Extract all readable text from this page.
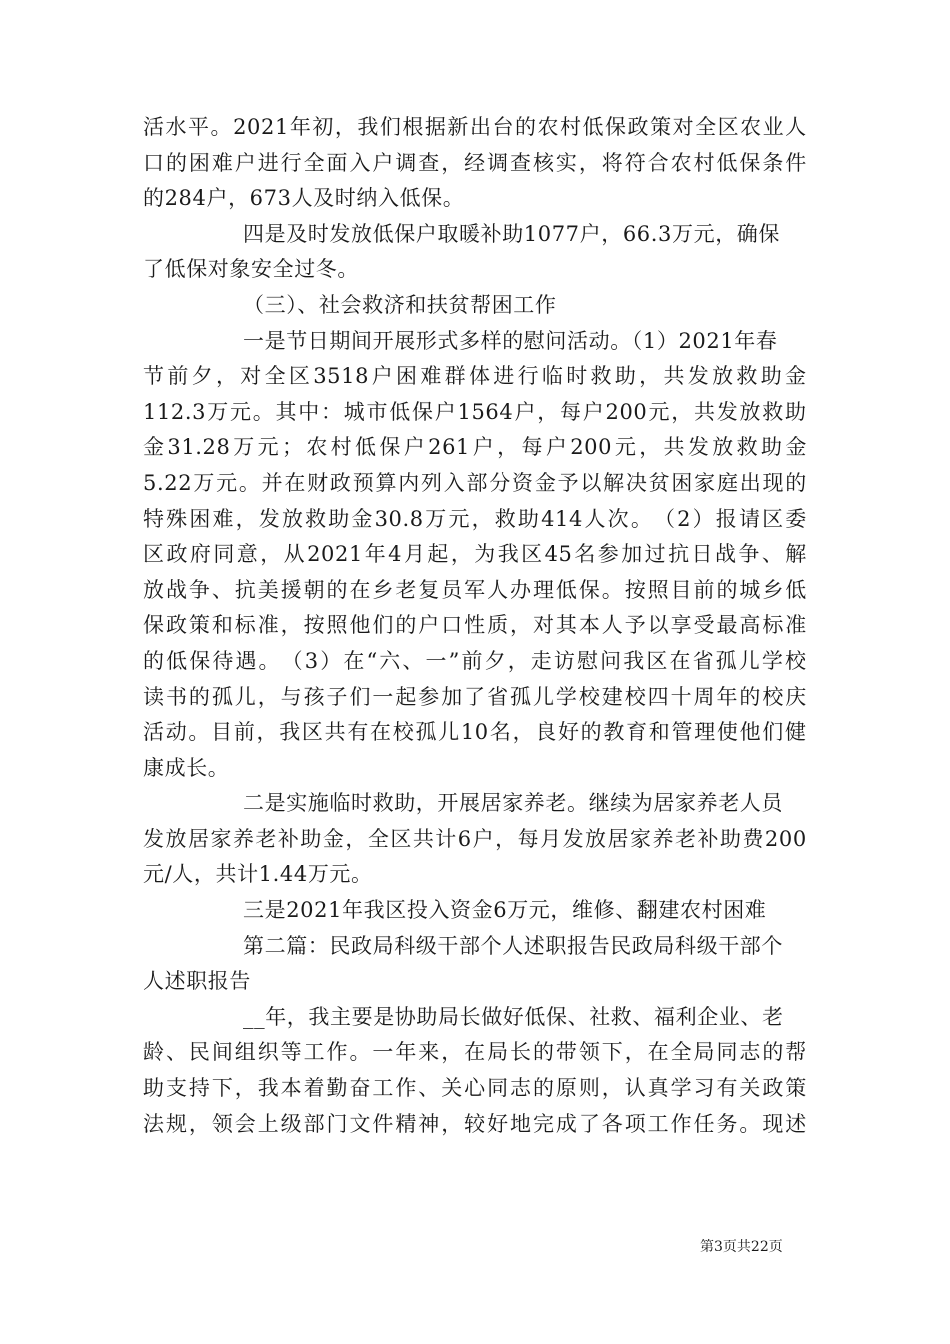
活 水 平 。 2021 年 初 ， 我 们 根 据 新 出 台 的 农 村 低 保 政 策 对 全 区 农 业 人
口 的 困 难 户 进 行 全 面 入 户 调 查 ， 经 调 查 核 实 ， 将 符 合 农 村 低 保 条 件
的284户，673人及时纳入低保。
四是及时发放低保户取暖补助1077户，66.3万元，确保
了低保对象安全过冬。
（三）、社会救济和扶贫帮困工作
一是节日期间开展形式多样的慰问活动。（1）2021年春
节 前 夕 ， 对 全 区 3518 户 困 难 群 体 进 行 临 时 救 助 ， 共 发 放 救 助 金
112.3 万 元 。 其 中 ： 城 市 低 保 户 1564 户 ， 每 户 200 元 ， 共 发 放 救 助
金 31.28 万 元 ； 农 村 低 保 户 261 户 ， 每 户 200 元 ， 共 发 放 救 助 金
5.22 万 元 。 并 在 财 政 预 算 内 列 入 部 分 资 金 予 以 解 决 贫 困 家 庭 出 现 的
特 殊 困 难 ， 发 放 救 助 金 30.8 万 元 ， 救 助 414 人 次 。 （ 2 ） 报 请 区 委
区 政 府 同 意 ， 从 2021 年 4 月 起 ， 为 我 区 45 名 参 加 过 抗 日 战 争 、 解
放 战 争 、 抗 美 援 朝 的 在 乡 老 复 员 军 人 办 理 低 保 。 按 照 目 前 的 城 乡 低
保 政 策 和 标 准 ， 按 照 他 们 的 户 口 性 质 ， 对 其 本 人 予 以 享 受 最 高 标 准
的 低 保 待 遇 。 （ 3 ） 在 “ 六 、 一 ” 前 夕 ， 走 访 慰 问 我 区 在 省 孤 儿 学 校
读 书 的 孤 儿 ， 与 孩 子 们 一 起 参 加 了 省 孤 儿 学 校 建 校 四 十 周 年 的 校 庆
活 动 。 目 前 ， 我 区 共 有 在 校 孤 儿 10 名 ， 良 好 的 教 育 和 管 理 使 他 们 健
康成长。
二是实施临时救助，开展居家养老。继续为居家养老人员
发 放 居 家 养 老 补 助 金 ， 全 区 共 计 6 户 ， 每 月 发 放 居 家 养 老 补 助 费 200
元/人，共计1.44万元。
三是2021年我区投入资金6万元，维修、翻建农村困难
第二篇：民政局科级干部个人述职报告民政局科级干部个
人述职报告
__年，我主要是协助局长做好低保、社救、福利企业、老
龄 、 民 间 组 织 等 工 作 。 一 年 来 ， 在 局 长 的 带 领 下 ， 在 全 局 同 志 的 帮
助 支 持 下 ， 我 本 着 勤 奋 工 作 、 关 心 同 志 的 原 则 ， 认 真 学 习 有 关 政 策
法 规 ， 领 会 上 级 部 门 文 件 精 神 ， 较 好 地 完 成 了 各 项 工 作 任 务 。 现 述
第3页共22页
